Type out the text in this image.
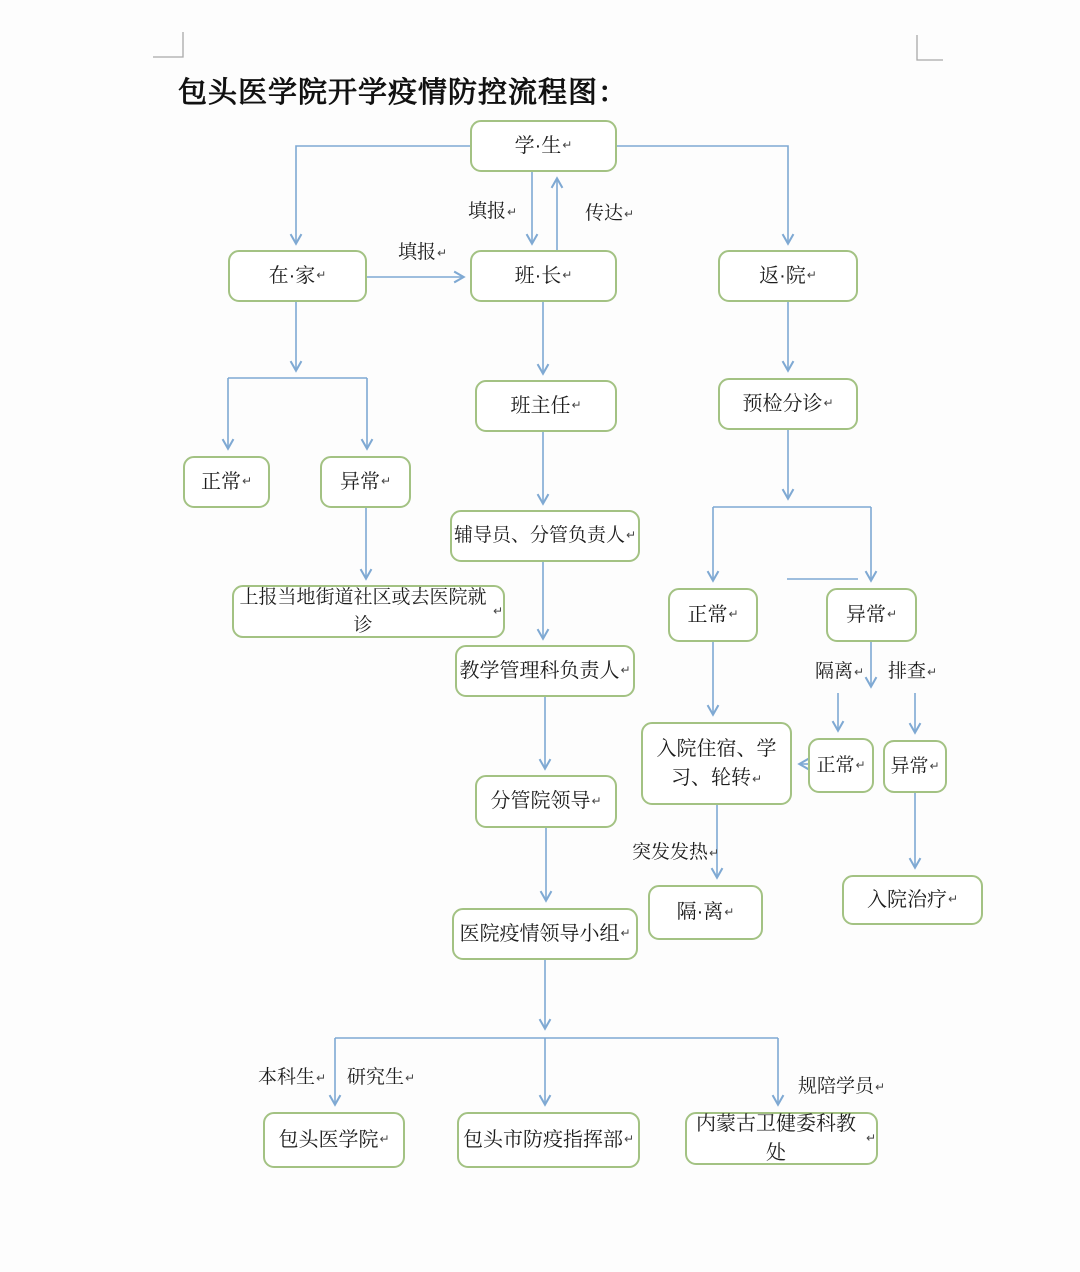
包头医学院开学疫情防控流程图：
学·生 ↵
在·家 ↵	班·长 ↵	返·院 ↵
班主任 ↵	预检分诊 ↵
正常 ↵	异常 ↵
辅导员、分管负责人 ↵
上报当地街道社区或去医院就诊
↵
教学管理科负责人 ↵
正常 ↵	异常 ↵
入院住宿、学习、轮转↵
正常 ↵ 异常 ↵
分管院领导 ↵
隔·离 ↵
入院治疗 ↵
医院疫情领导小组 ↵
包头医学院 ↵	包头市防疫指挥部 ↵
内蒙古卫健委科教处
↵
填报↵	传达↵
填报↵
隔离↵ 排查↵
突发发热↵
本科生↵ 研究生↵	规陪学员↵
